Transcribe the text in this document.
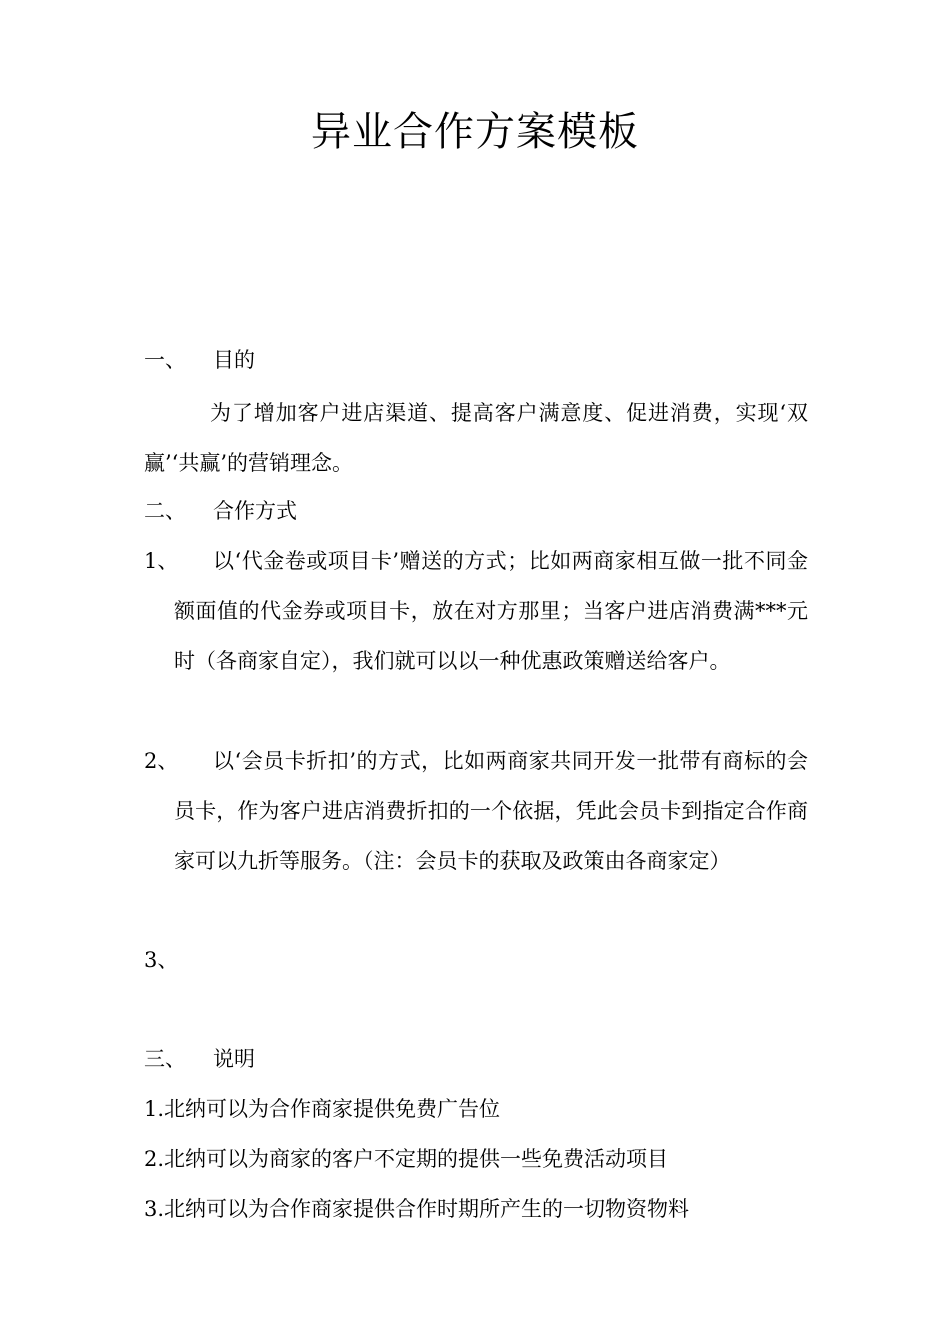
异业合作方案模板
一、 目的

为了增加客户进店渠道、提高客户满意度、促进消费，实现‘双赢’‘共赢’的营销理念。

二、 合作方式
1、	以‘代金卷或项目卡’赠送的方式；比如两商家相互做一批不同金额面值的代金券或项目卡，放在对方那里；当客户进店消费满***元时（各商家自定），我们就可以以一种优惠政策赠送给客户。
2、	以‘会员卡折扣’的方式，比如两商家共同开发一批带有商标的会员卡，作为客户进店消费折扣的一个依据，凭此会员卡到指定合作商家可以九折等服务。（注：会员卡的获取及政策由各商家定）
3、
三、 说明
1.北纳可以为合作商家提供免费广告位
2.北纳可以为商家的客户不定期的提供一些免费活动项目
3.北纳可以为合作商家提供合作时期所产生的一切物资物料
